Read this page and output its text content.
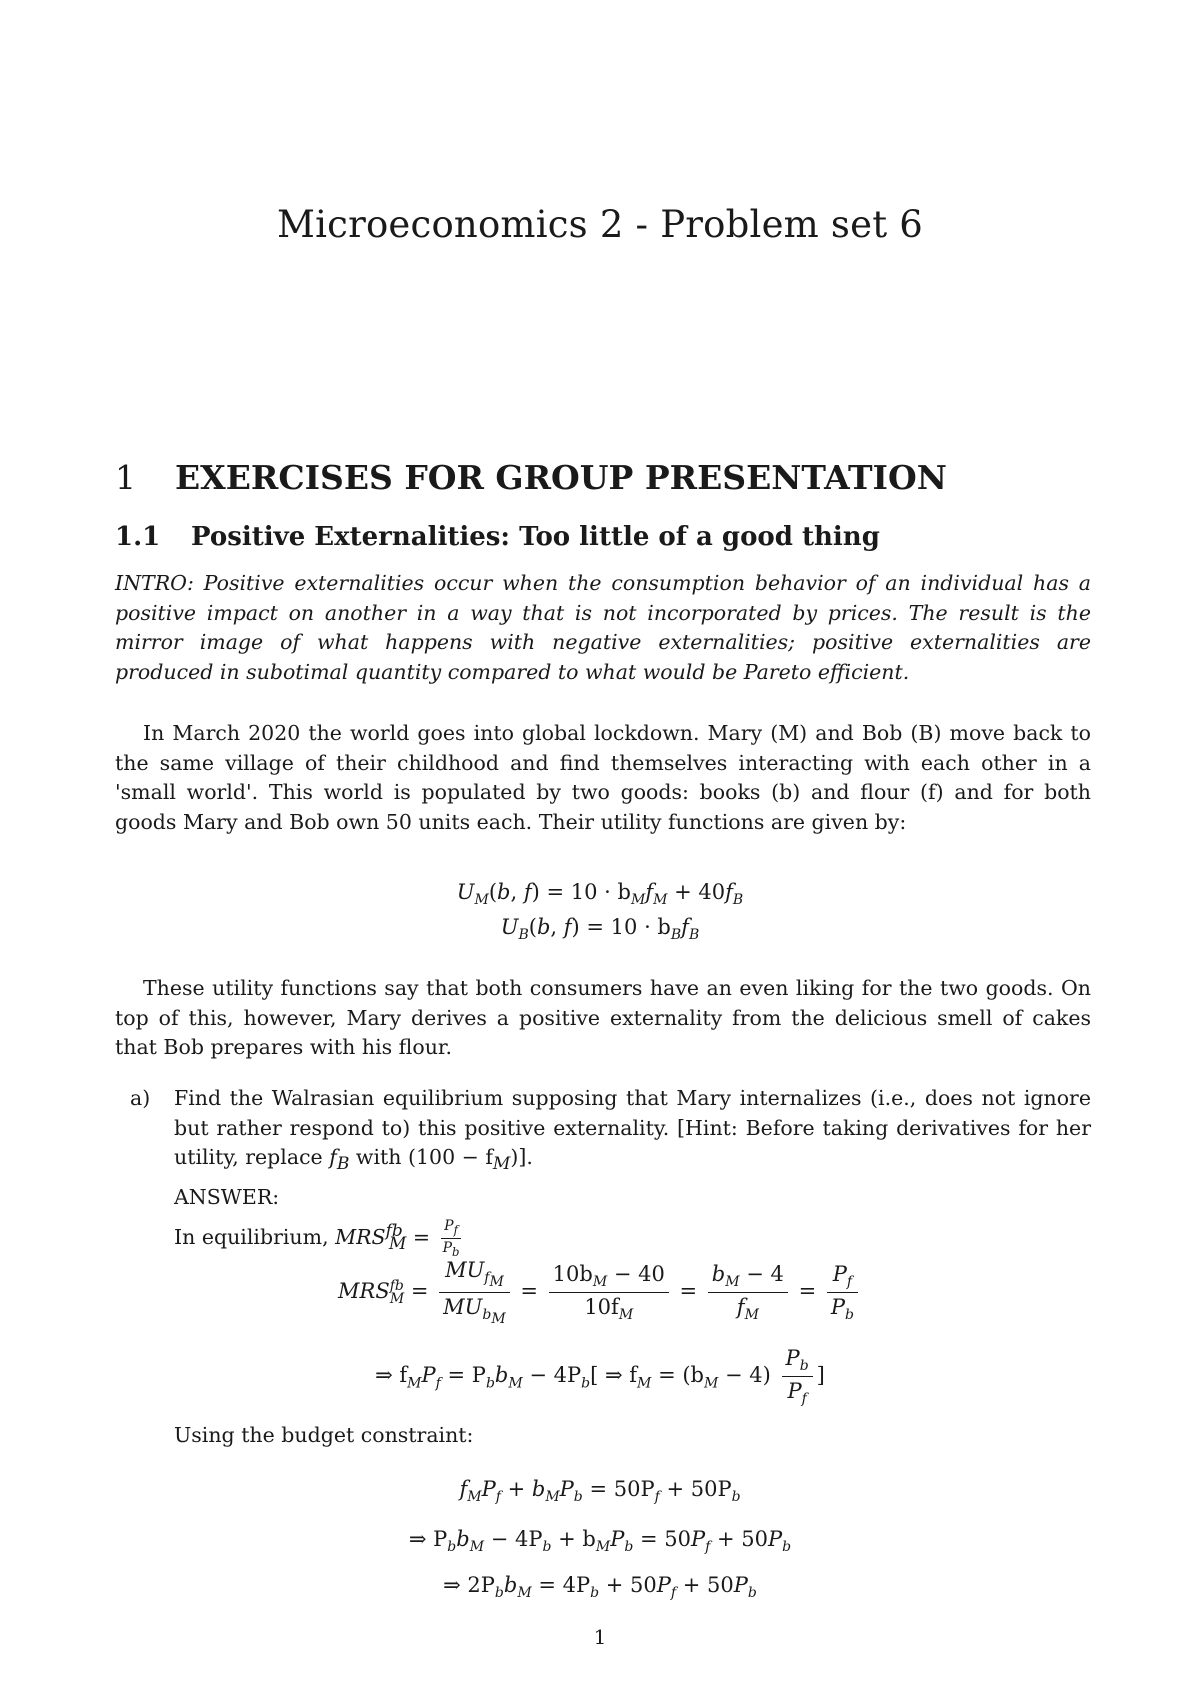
Microeconomics 2 - Problem set 6
1 EXERCISES FOR GROUP PRESENTATION
1.1 Positive Externalities: Too little of a good thing

INTRO: Positive externalities occur when the consumption behavior of an individual has a positive impact on another in a way that is not incorporated by prices. The result is the mirror image of what happens with negative externalities; positive externalities are produced in subotimal quantity compared to what would be Pareto efficient.

In March 2020 the world goes into global lockdown. Mary (M) and Bob (B) move back to the same village of their childhood and find themselves interacting with each other in a 'small world'. This world is populated by two goods: books (b) and flour (f) and for both goods Mary and Bob own 50 units each. Their utility functions are given by:

$U_M(b$, $f) = 10 \cdot b_Mf_M + 40f_B$
$U_B(b$, $f) = 10 \cdot b_Bf_B$

These utility functions say that both consumers have an even liking for the two goods. On top of this, however, Mary derives a positive externality from the delicious smell of cakes that Bob prepares with his flour.

a) Find the Walrasian equilibrium supposing that Mary internalizes (i.e., does not ignore but rather respond to) this positive externality. [Hint: Before taking derivatives for her utility, replace $f_B$ with $(100 - f_M)$].
ANSWER:
In equilibrium, $MRS^{fb}_M = \frac{P_f}{P_b}$
$MRS^{fb}_M = \frac{MU_{f_M}}{MU_{b_M}} = \frac{10b_M - 40}{10f_M} = \frac{b_M - 4}{f_M} = \frac{P_f}{P_b}$
⇒ $f_MP_f = P_bb_M - 4P_b$[ ⇒ $f_M = (b_M - 4) \frac{P_b}{P_f}$ ]
Using the budget constraint:
$f_MP_f + b_MP_b = 50P_f + 50P_b$
⇒ $P_bb_M - 4P_b + b_MP_b = 50P_f + 50P_b$
⇒ $2P_bb_M = 4P_b + 50P_f + 50P_b$
1
